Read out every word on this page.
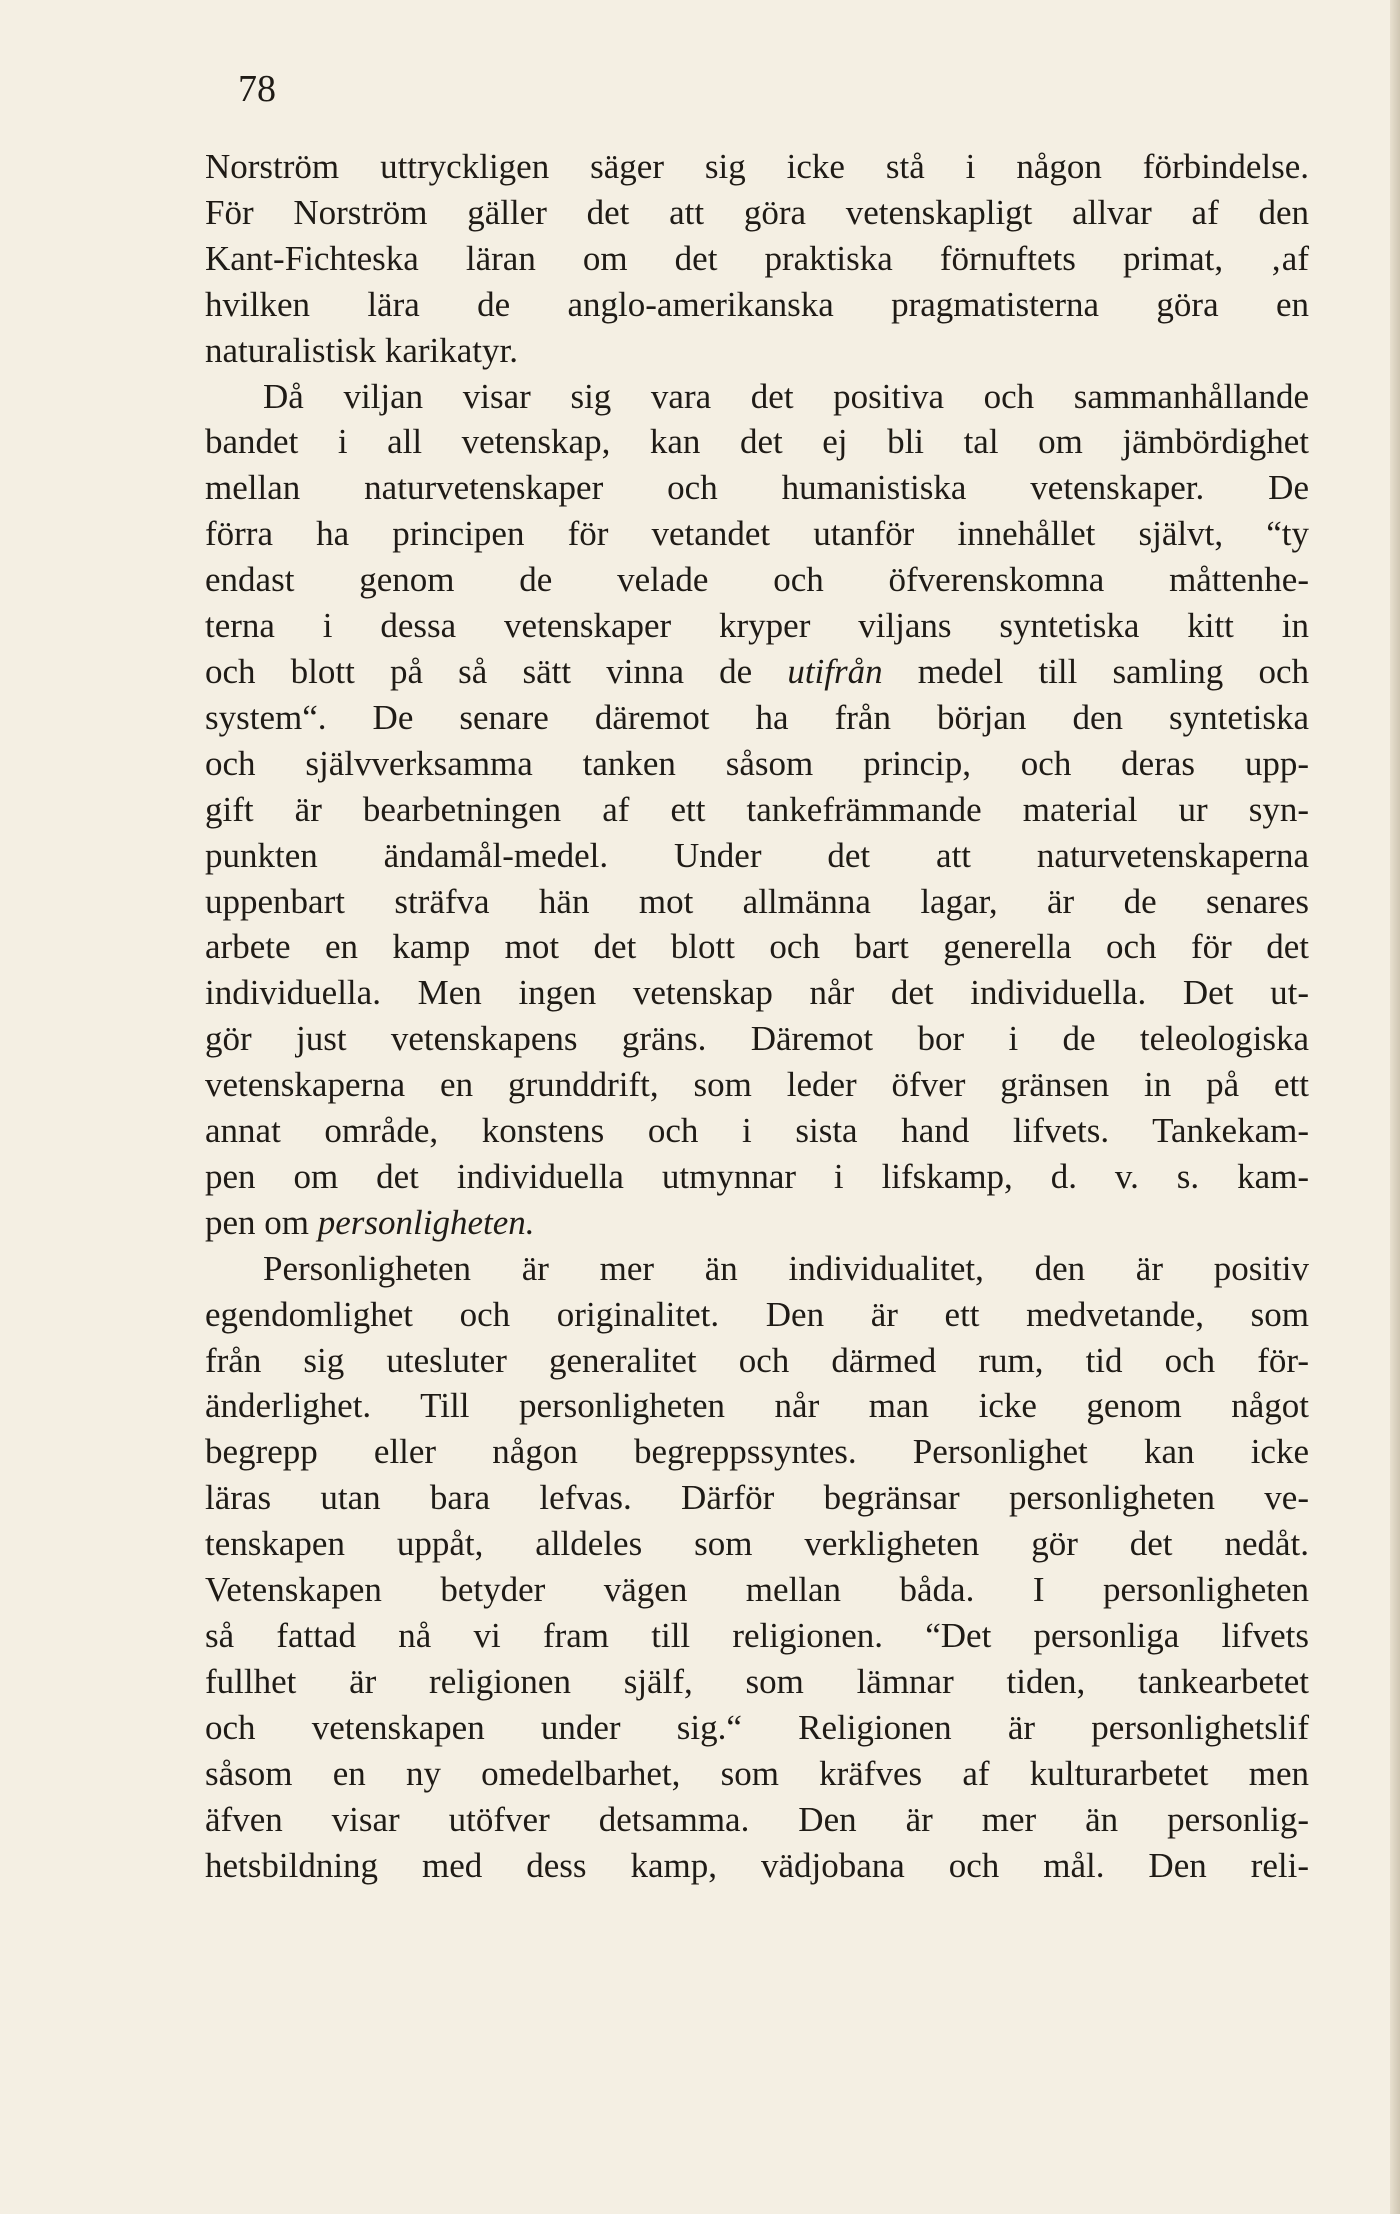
78
Norström uttryckligen säger sig icke stå i någon förbindelse.
För Norström gäller det att göra vetenskapligt allvar af den
Kant-Fichteska läran om det praktiska förnuftets primat, ‚af
hvilken lära de anglo-amerikanska pragmatisterna göra en
naturalistisk karikatyr.
Då viljan visar sig vara det positiva och sammanhållande
bandet i all vetenskap, kan det ej bli tal om jämbördighet
mellan naturvetenskaper och humanistiska vetenskaper. De
förra ha principen för vetandet utanför innehållet självt, “ty
endast genom de velade och öfverenskomna måttenhe-
terna i dessa vetenskaper kryper viljans syntetiska kitt in
och blott på så sätt vinna de utifrån medel till samling och
system“. De senare däremot ha från början den syntetiska
och självverksamma tanken såsom princip, och deras upp-
gift är bearbetningen af ett tankefrämmande material ur syn-
punkten ändamål-medel. Under det att naturvetenskaperna
uppenbart sträfva hän mot allmänna lagar, är de senares
arbete en kamp mot det blott och bart generella och för det
individuella. Men ingen vetenskap når det individuella. Det ut-
gör just vetenskapens gräns. Däremot bor i de teleologiska
vetenskaperna en grunddrift, som leder öfver gränsen in på ett
annat område, konstens och i sista hand lifvets. Tankekam-
pen om det individuella utmynnar i lifskamp, d. v. s. kam-
pen om personligheten.
Personligheten är mer än individualitet, den är positiv
egendomlighet och originalitet. Den är ett medvetande, som
från sig utesluter generalitet och därmed rum, tid och för-
änderlighet. Till personligheten når man icke genom något
begrepp eller någon begreppssyntes. Personlighet kan icke
läras utan bara lefvas. Därför begränsar personligheten ve-
tenskapen uppåt, alldeles som verkligheten gör det nedåt.
Vetenskapen betyder vägen mellan båda. I personligheten
så fattad nå vi fram till religionen. “Det personliga lifvets
fullhet är religionen själf, som lämnar tiden, tankearbetet
och vetenskapen under sig.“ Religionen är personlighetslif
såsom en ny omedelbarhet, som kräfves af kulturarbetet men
äfven visar utöfver detsamma. Den är mer än personlig-
hetsbildning med dess kamp, vädjobana och mål. Den reli-
